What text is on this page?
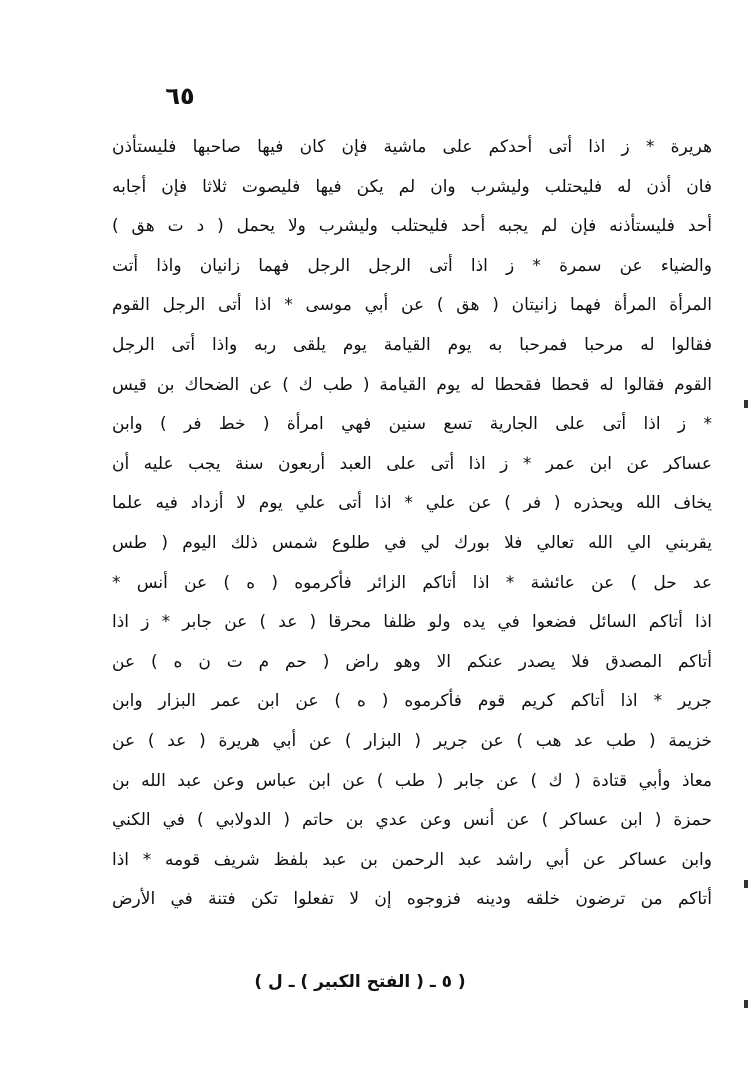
٦٥
هريرة * ز اذا أتى أحدكم على ماشية فإن كان فيها صاحبها فليستأذن
فان أذن له فليحتلب وليشرب وان لم يكن فيها فليصوت ثلاثا فإن أجابه
أحد فليستأذنه فإن لم يجبه أحد فليحتلب وليشرب ولا يحمل ( د ت هق )
والضياء عن سمرة * ز اذا أتى الرجل الرجل فهما زانيان واذا أتت
المرأة المرأة فهما زانيتان ( هق ) عن أبي موسى * اذا أتى الرجل القوم
فقالوا له مرحبا فمرحبا به يوم القيامة يوم يلقى ربه واذا أتى الرجل
القوم فقالوا له قحطا فقحطا له يوم القيامة ( طب ك ) عن الضحاك بن قيس
* ز اذا أتى على الجارية تسع سنين فهي امرأة ( خط فر ) وابن
عساكر عن ابن عمر * ز اذا أتى على العبد أربعون سنة يجب عليه أن
يخاف الله ويحذره ( فر ) عن علي * اذا أتى علي يوم لا أزداد فيه علما
يقربني الي الله تعالي فلا بورك لي في طلوع شمس ذلك اليوم ( طس
عد حل ) عن عائشة * اذا أتاكم الزائر فأكرموه ( ه ) عن أنس *
اذا أتاكم السائل فضعوا في يده ولو ظلفا محرقا ( عد ) عن جابر * ز اذا
أتاكم المصدق فلا يصدر عنكم الا وهو راض ( حم م ت ن ه ) عن
جرير * اذا أتاكم كريم قوم فأكرموه ( ه ) عن ابن عمر البزار وابن
خزيمة ( طب عد هب ) عن جرير ( البزار ) عن أبي هريرة ( عد ) عن
معاذ وأبي قتادة ( ك ) عن جابر ( طب ) عن ابن عباس وعن عبد الله بن
حمزة ( ابن عساكر ) عن أنس وعن عدي بن حاتم ( الدولابي ) في الكني
وابن عساكر عن أبي راشد عبد الرحمن بن عبد بلفظ شريف قومه * اذا
أتاكم من ترضون خلقه ودينه فزوجوه إن لا تفعلوا تكن فتنة في الأرض
( ٥ ـ ( الفتح الكبير ) ـ ل )
